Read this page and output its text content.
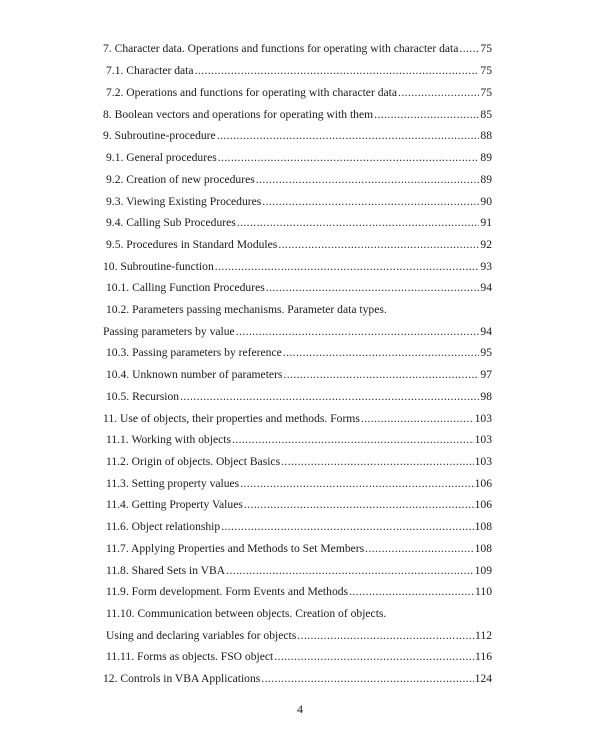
7. Character data. Operations and functions for operating with character data ..... 75
7.1. Character data .....	75
7.2. Operations and functions for operating with character data .....	75
8. Boolean vectors and operations for operating with them .....	85
9. Subroutine-procedure .....	88
9.1. General procedures .....	89
9.2. Creation of new procedures .....	89
9.3. Viewing Existing Procedures .....	90
9.4. Calling Sub Procedures .....	91
9.5. Procedures in Standard Modules .....	92
10. Subroutine-function .....	93
10.1. Calling Function Procedures .....	94
10.2. Parameters passing mechanisms. Parameter data types.
Passing parameters by value .....	94
10.3. Passing parameters by reference .....	95
10.4. Unknown number of parameters .....	97
10.5. Recursion .....	98
11. Use of objects, their properties and methods. Forms .....	103
11.1. Working with objects .....	103
11.2. Origin of objects. Object Basics .....	103
11.3. Setting property values .....	106
11.4. Getting Property Values .....	106
11.6. Object relationship .....	108
11.7. Applying Properties and Methods to Set Members .....	108
11.8. Shared Sets in VBA .....	109
11.9. Form development. Form Events and Methods .....	110
11.10. Communication between objects. Creation of objects.
Using and declaring variables for objects .....	112
11.11. Forms as objects. FSO object .....	116
12. Controls in VBA Applications .....	124
4
